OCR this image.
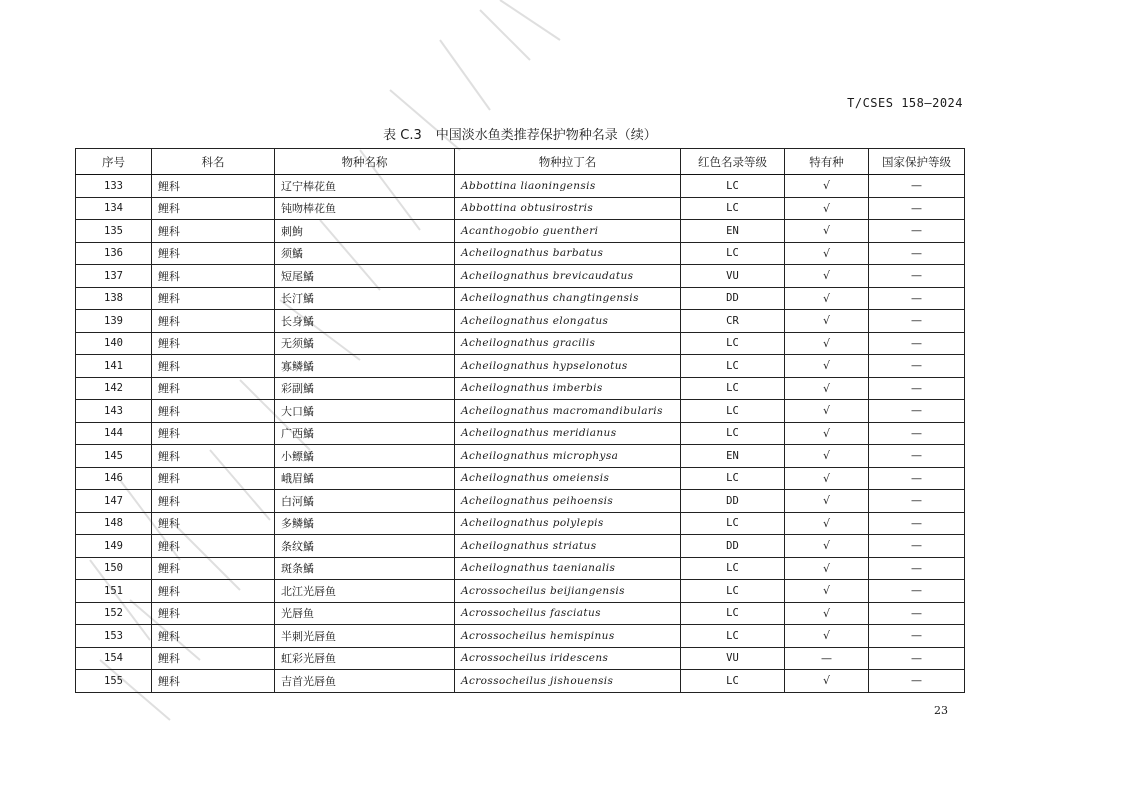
T/CSES 158—2024
表 C.3 中国淡水鱼类推荐保护物种名录（续）
序号	科名	物种名称	物种拉丁名	红色名录等级	特有种	国家保护等级
133	鲤科	辽宁棒花鱼	Abbottina liaoningensis	LC	√	—
134	鲤科	钝吻棒花鱼	Abbottina obtusirostris	LC	√	—
135	鲤科	刺鮈	Acanthogobio guentheri	EN	√	—
136	鲤科	须鱊	Acheilognathus barbatus	LC	√	—
137	鲤科	短尾鱊	Acheilognathus brevicaudatus	VU	√	—
138	鲤科	长汀鱊	Acheilognathus changtingensis	DD	√	—
139	鲤科	长身鱊	Acheilognathus elongatus	CR	√	—
140	鲤科	无须鱊	Acheilognathus gracilis	LC	√	—
141	鲤科	寡鳞鱊	Acheilognathus hypselonotus	LC	√	—
142	鲤科	彩副鱊	Acheilognathus imberbis	LC	√	—
143	鲤科	大口鱊	Acheilognathus macromandibularis	LC	√	—
144	鲤科	广西鱊	Acheilognathus meridianus	LC	√	—
145	鲤科	小鳔鱊	Acheilognathus microphysa	EN	√	—
146	鲤科	峨眉鱊	Acheilognathus omeiensis	LC	√	—
147	鲤科	白河鱊	Acheilognathus peihoensis	DD	√	—
148	鲤科	多鳞鱊	Acheilognathus polylepis	LC	√	—
149	鲤科	条纹鱊	Acheilognathus striatus	DD	√	—
150	鲤科	斑条鱊	Acheilognathus taenianalis	LC	√	—
151	鲤科	北江光唇鱼	Acrossocheilus beijiangensis	LC	√	—
152	鲤科	光唇鱼	Acrossocheilus fasciatus	LC	√	—
153	鲤科	半刺光唇鱼	Acrossocheilus hemispinus	LC	√	—
154	鲤科	虹彩光唇鱼	Acrossocheilus iridescens	VU	—	—
155	鲤科	吉首光唇鱼	Acrossocheilus jishouensis	LC	√	—
23
